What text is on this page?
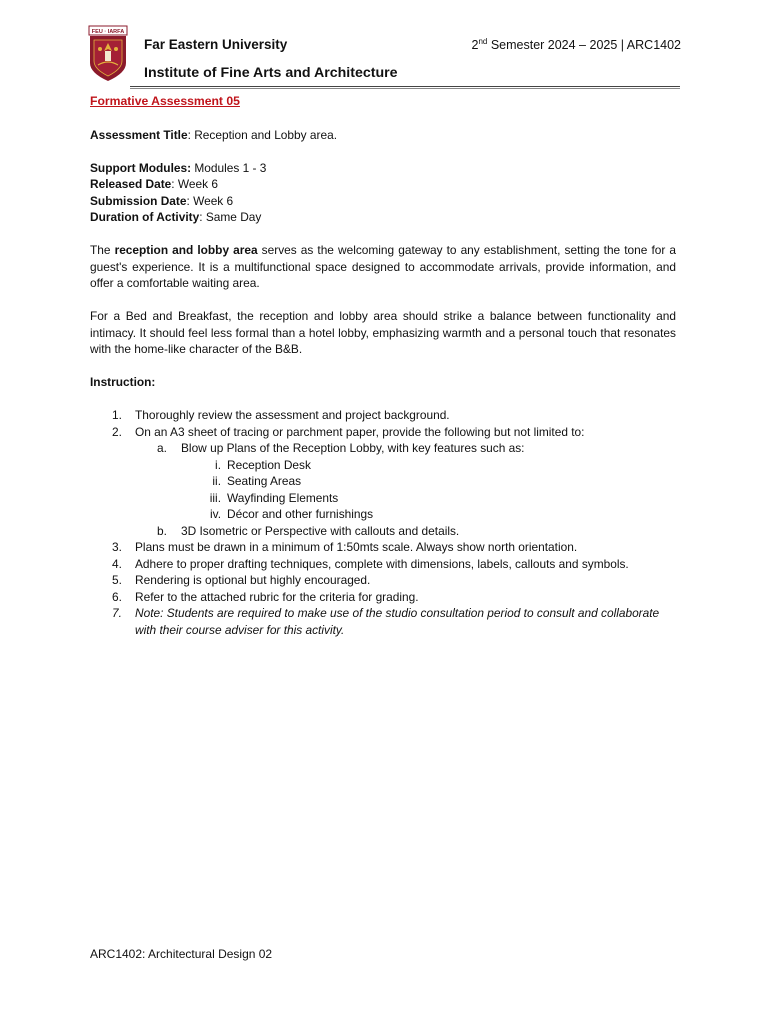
FEU · IARFA
Far Eastern University
Institute of Fine Arts and Architecture
2nd Semester 2024 – 2025 | ARC1402
Formative Assessment 05

Assessment Title: Reception and Lobby area.

Support Modules: Modules 1 - 3

Released Date: Week 6

Submission Date: Week 6

Duration of Activity: Same Day

The reception and lobby area serves as the welcoming gateway to any establishment, setting the tone for a guest's experience. It is a multifunctional space designed to accommodate arrivals, provide information, and offer a comfortable waiting area.

For a Bed and Breakfast, the reception and lobby area should strike a balance between functionality and intimacy. It should feel less formal than a hotel lobby, emphasizing warmth and a personal touch that resonates with the home-like character of the B&B.

Instruction:

1. Thoroughly review the assessment and project background.
2. On an A3 sheet of tracing or parchment paper, provide the following but not limited to:
a. Blow up Plans of the Reception Lobby, with key features such as:
i. Reception Desk
ii. Seating Areas
iii. Wayfinding Elements
iv. Décor and other furnishings
b. 3D Isometric or Perspective with callouts and details.
3. Plans must be drawn in a minimum of 1:50mts scale. Always show north orientation.
4. Adhere to proper drafting techniques, complete with dimensions, labels, callouts and symbols.
5. Rendering is optional but highly encouraged.
6. Refer to the attached rubric for the criteria for grading.
7. Note: Students are required to make use of the studio consultation period to consult and collaborate with their course adviser for this activity.
ARC1402: Architectural Design 02
